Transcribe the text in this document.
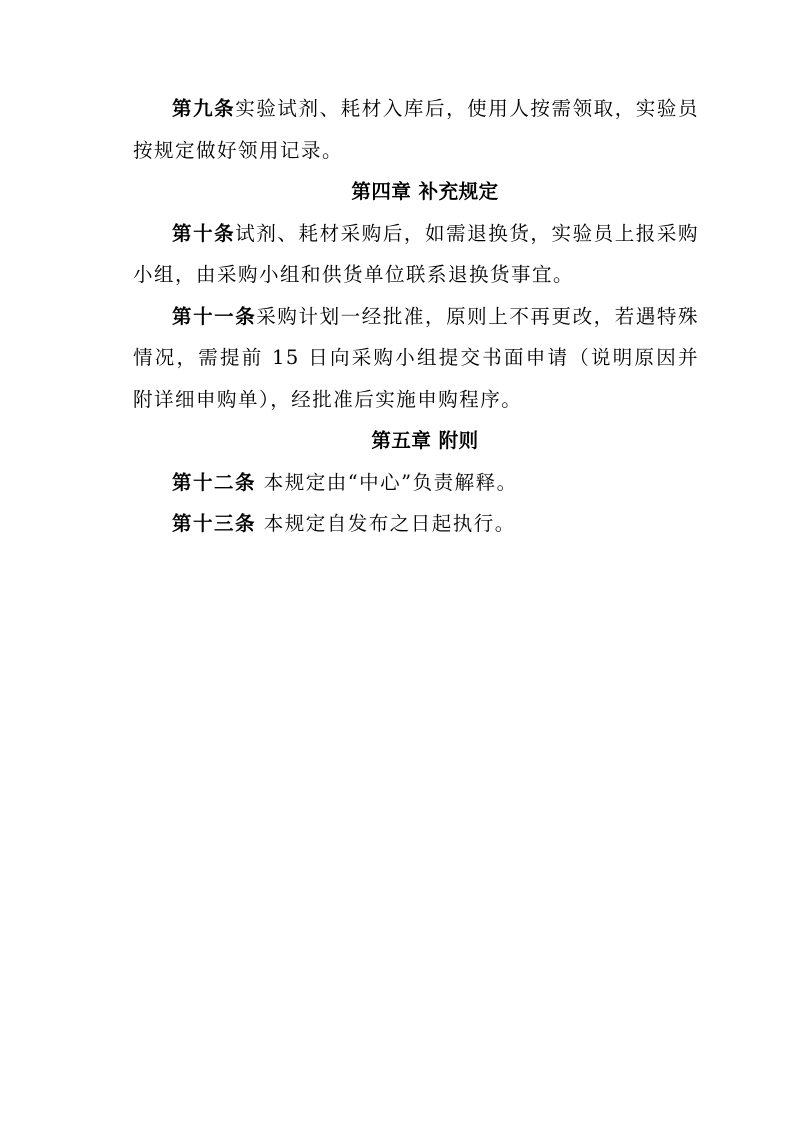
第九条实验试剂、耗材入库后，使用人按需领取，实验员按规定做好领用记录。

第四章 补充规定

第十条试剂、耗材采购后，如需退换货，实验员上报采购小组，由采购小组和供货单位联系退换货事宜。

第十一条采购计划一经批准，原则上不再更改，若遇特殊情况，需提前 15 日向采购小组提交书面申请（说明原因并附详细申购单），经批准后实施申购程序。

第五章 附则

第十二条 本规定由“中心”负责解释。

第十三条 本规定自发布之日起执行。
